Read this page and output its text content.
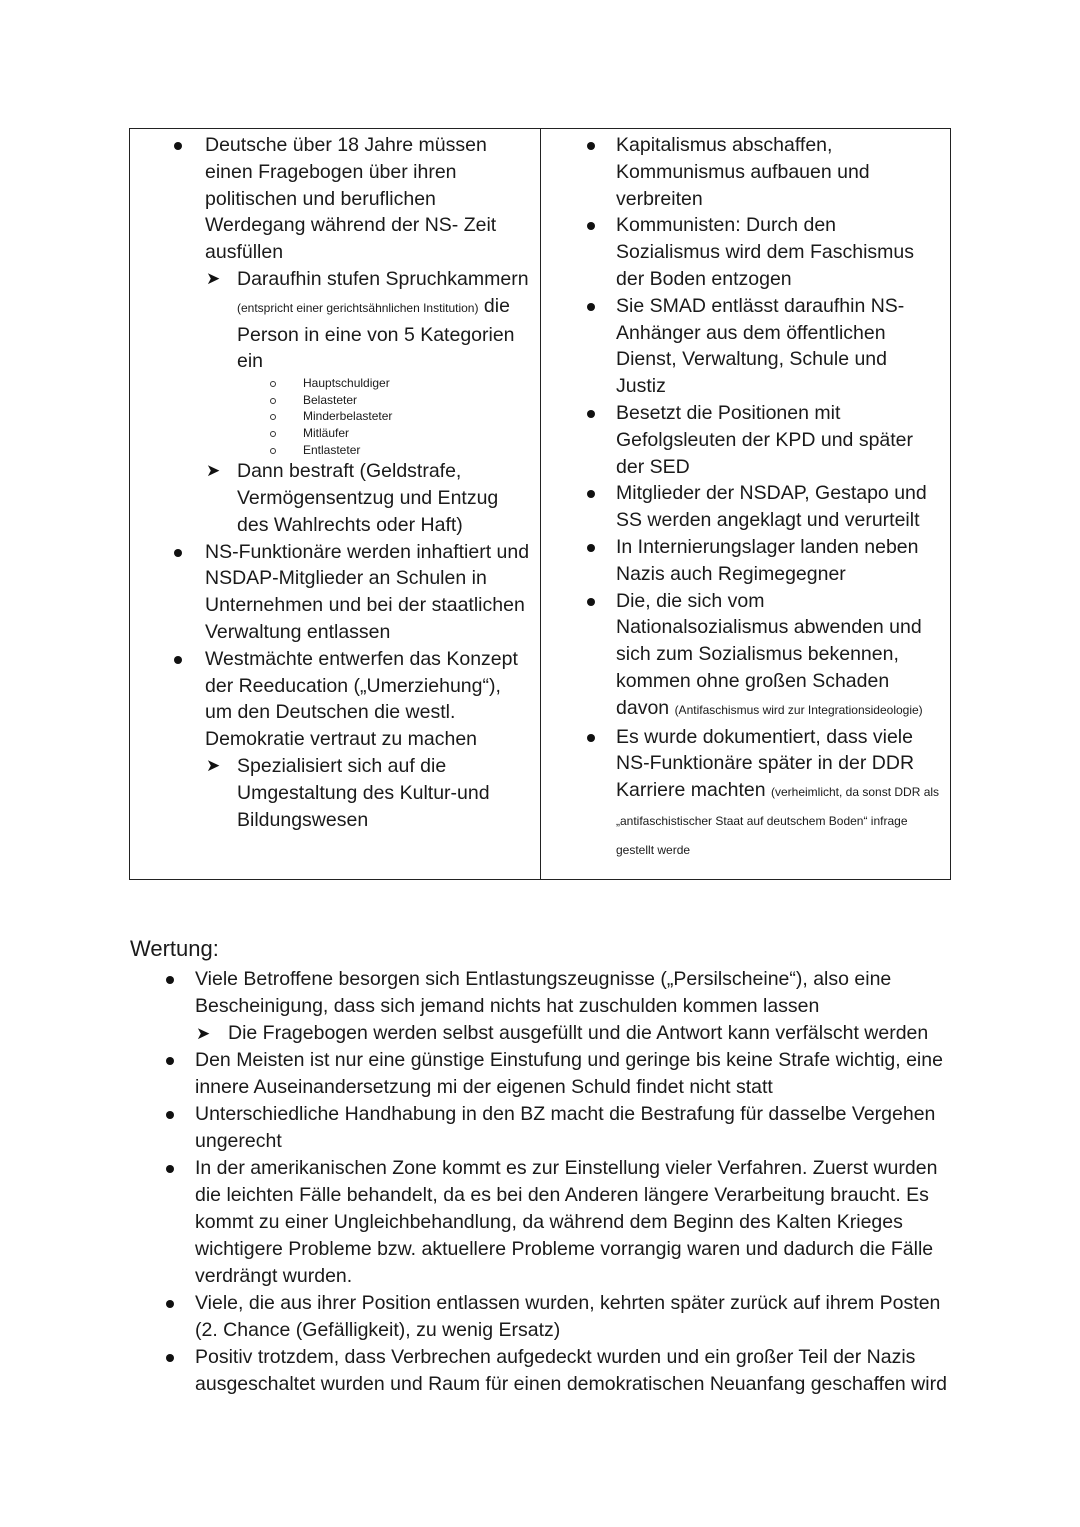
Deutsche über 18 Jahre müssen einen Fragebogen über ihren politischen und beruflichen Werdegang während der NS- Zeit ausfüllen
➤ Daraufhin stufen Spruchkammern (entspricht einer gerichtsähnlichen Institution) die Person in eine von 5 Kategorien ein
Hauptschuldiger
Belasteter
Minderbelasteter
Mitläufer
Entlasteter
➤ Dann bestraft (Geldstrafe, Vermögensentzug und Entzug des Wahlrechts oder Haft)
NS-Funktionäre werden inhaftiert und NSDAP-Mitglieder an Schulen in Unternehmen und bei der staatlichen Verwaltung entlassen
Westmächte entwerfen das Konzept der Reeducation („Umerziehung“), um den Deutschen die westl. Demokratie vertraut zu machen
➤ Spezialisiert sich auf die Umgestaltung des Kultur-und Bildungswesen
Kapitalismus abschaffen, Kommunismus aufbauen und verbreiten
Kommunisten: Durch den Sozialismus wird dem Faschismus der Boden entzogen
Sie SMAD entlässt daraufhin NS-Anhänger aus dem öffentlichen Dienst, Verwaltung, Schule und Justiz
Besetzt die Positionen mit Gefolgsleuten der KPD und später der SED
Mitglieder der NSDAP, Gestapo und SS werden angeklagt und verurteilt
In Internierungslager landen neben Nazis auch Regimegegner
Die, die sich vom Nationalsozialismus abwenden und sich zum Sozialismus bekennen, kommen ohne großen Schaden davon (Antifaschismus wird zur Integrationsideologie)
Es wurde dokumentiert, dass viele NS-Funktionäre später in der DDR Karriere machten (verheimlicht, da sonst DDR als „antifaschistischer Staat auf deutschem Boden“ infrage gestellt werde
Wertung:
Viele Betroffene besorgen sich Entlastungszeugnisse („Persilscheine“), also eine Bescheinigung, dass sich jemand nichts hat zuschulden kommen lassen
➤ Die Fragebogen werden selbst ausgefüllt und die Antwort kann verfälscht werden
Den Meisten ist nur eine günstige Einstufung und geringe bis keine Strafe wichtig, eine innere Auseinandersetzung mi der eigenen Schuld findet nicht statt
Unterschiedliche Handhabung in den BZ macht die Bestrafung für dasselbe Vergehen ungerecht
In der amerikanischen Zone kommt es zur Einstellung vieler Verfahren. Zuerst wurden die leichten Fälle behandelt, da es bei den Anderen längere Verarbeitung braucht. Es kommt zu einer Ungleichbehandlung, da während dem Beginn des Kalten Krieges wichtigere Probleme bzw. aktuellere Probleme vorrangig waren und dadurch die Fälle verdrängt wurden.
Viele, die aus ihrer Position entlassen wurden, kehrten später zurück auf ihrem Posten (2. Chance (Gefälligkeit), zu wenig Ersatz)
Positiv trotzdem, dass Verbrechen aufgedeckt wurden und ein großer Teil der Nazis ausgeschaltet wurden und Raum für einen demokratischen Neuanfang geschaffen wird
